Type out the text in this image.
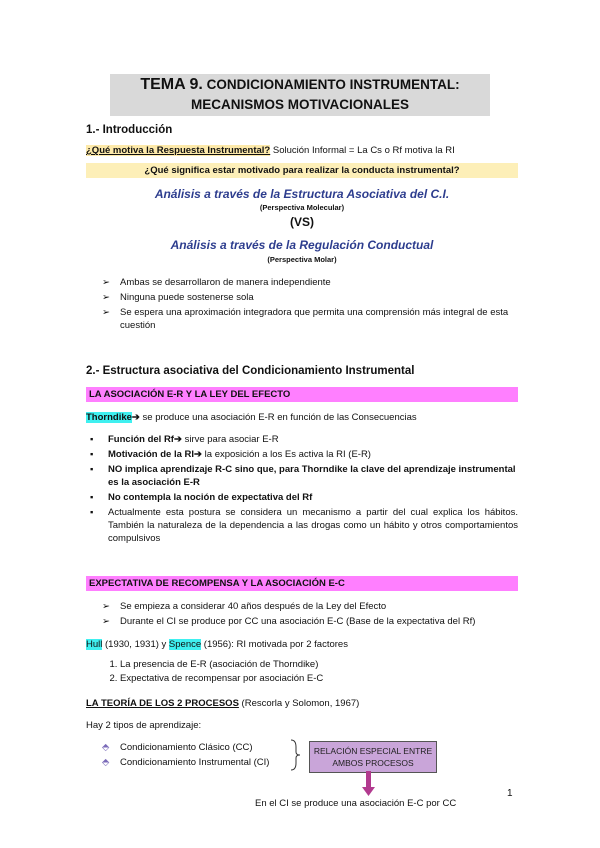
TEMA 9. CONDICIONAMIENTO INSTRUMENTAL: MECANISMOS MOTIVACIONALES
1.- Introducción
¿Qué motiva la Respuesta Instrumental? Solución Informal = La Cs o Rf motiva la RI
¿Qué significa estar motivado para realizar la conducta instrumental?
Análisis a través de la Estructura Asociativa del C.I.
(Perspectiva Molecular)
(VS)
Análisis a través de la Regulación Conductual
(Perspectiva Molar)
➢ Ambas se desarrollaron de manera independiente
➢ Ninguna puede sostenerse sola
➢ Se espera una aproximación integradora que permita una comprensión más integral de esta cuestión
2.- Estructura asociativa del Condicionamiento Instrumental
LA ASOCIACIÓN E-R Y LA LEY DEL EFECTO
Thorndike➔ se produce una asociación E-R en función de las Consecuencias
▪ Función del Rf➔ sirve para asociar E-R
▪ Motivación de la RI➔ la exposición a los Es activa la RI (E-R)
▪ NO implica aprendizaje R-C sino que, para Thorndike la clave del aprendizaje instrumental es la asociación E-R
▪ No contempla la noción de expectativa del Rf
▪ Actualmente esta postura se considera un mecanismo a partir del cual explica los hábitos. También la naturaleza de la dependencia a las drogas como un hábito y otros comportamientos compulsivos
EXPECTATIVA DE RECOMPENSA Y LA ASOCIACIÓN E-C
➢ Se empieza a considerar 40 años después de la Ley del Efecto
➢ Durante el CI se produce por CC una asociación E-C (Base de la expectativa del Rf)
Hull (1930, 1931) y Spence (1956): RI motivada por 2 factores
1. La presencia de E-R (asociación de Thorndike)
2. Expectativa de recompensar por asociación E-C
LA TEORÍA DE LOS 2 PROCESOS (Rescorla y Solomon, 1967)
Hay 2 tipos de aprendizaje:
⬘ Condicionamiento Clásico (CC)
⬘ Condicionamiento Instrumental (CI)
RELACIÓN ESPECIAL ENTRE AMBOS PROCESOS
En el CI se produce una asociación E-C por CC
1
